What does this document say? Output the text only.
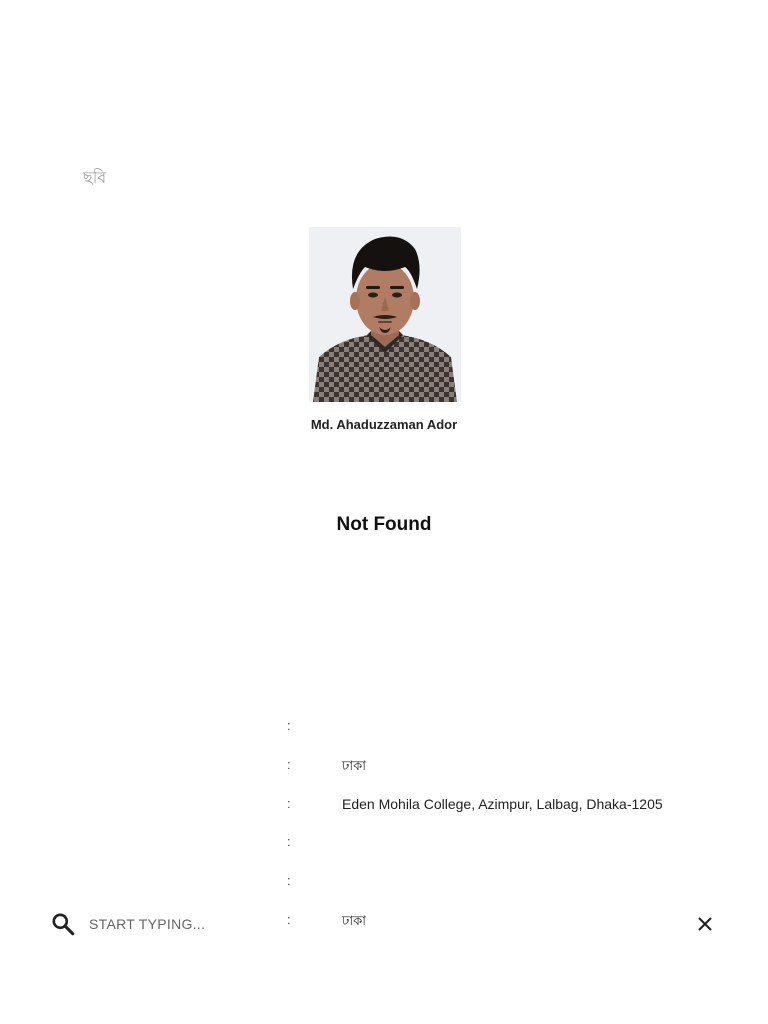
ছবি
Md. Ahaduzzaman Ador
Not Found
:
:	ঢাকা
:	Eden Mohila College, Azimpur, Lalbag, Dhaka-1205
:
:
:	ঢাকা
START TYPING...
